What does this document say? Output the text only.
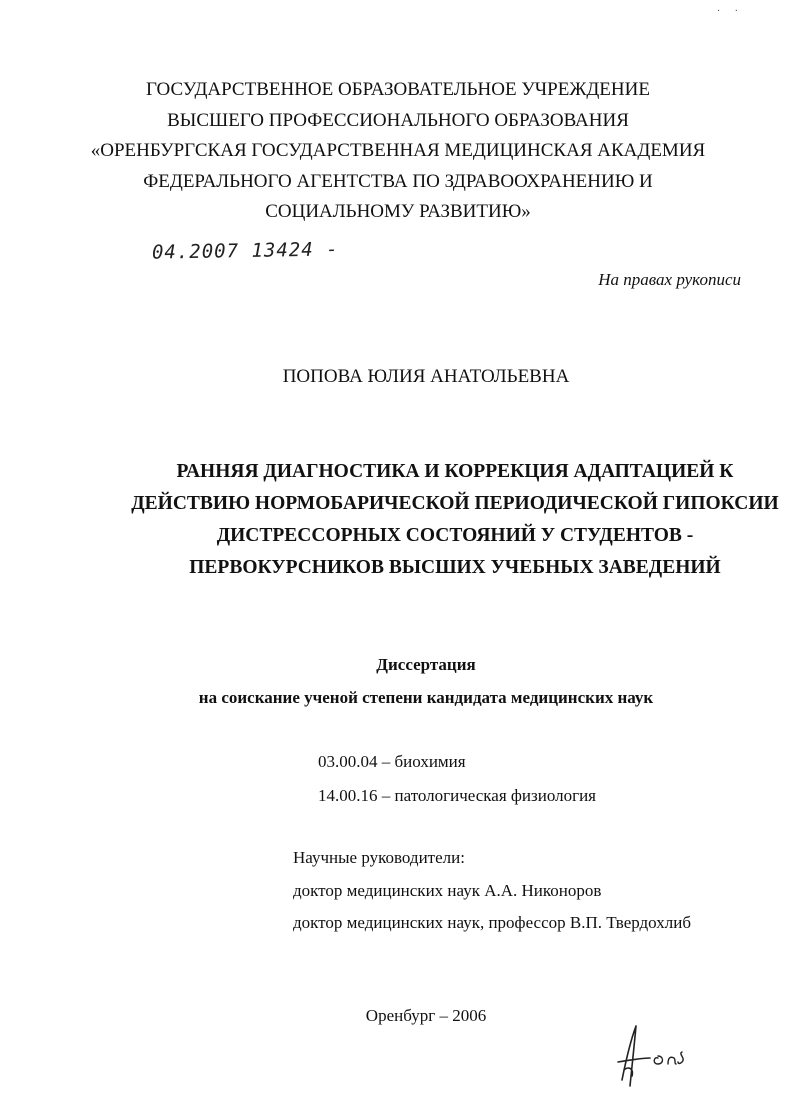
· ·
ГОСУДАРСТВЕННОЕ ОБРАЗОВАТЕЛЬНОЕ УЧРЕЖДЕНИЕ
ВЫСШЕГО ПРОФЕССИОНАЛЬНОГО ОБРАЗОВАНИЯ
«ОРЕНБУРГСКАЯ ГОСУДАРСТВЕННАЯ МЕДИЦИНСКАЯ АКАДЕМИЯ
ФЕДЕРАЛЬНОГО АГЕНТСТВА ПО ЗДРАВООХРАНЕНИЮ И
СОЦИАЛЬНОМУ РАЗВИТИЮ»
04.2007 13424 -
На правах рукописи
ПОПОВА ЮЛИЯ АНАТОЛЬЕВНА
РАННЯЯ ДИАГНОСТИКА И КОРРЕКЦИЯ АДАПТАЦИЕЙ К
ДЕЙСТВИЮ НОРМОБАРИЧЕСКОЙ ПЕРИОДИЧЕСКОЙ ГИПОКСИИ
ДИСТРЕССОРНЫХ СОСТОЯНИЙ У СТУДЕНТОВ -
ПЕРВОКУРСНИКОВ ВЫСШИХ УЧЕБНЫХ ЗАВЕДЕНИЙ
Диссертация
на соискание ученой степени кандидата медицинских наук
03.00.04 – биохимия
14.00.16 – патологическая физиология
Научные руководители:
доктор медицинских наук А.А. Никоноров
доктор медицинских наук, профессор В.П. Твердохлиб
Оренбург – 2006
